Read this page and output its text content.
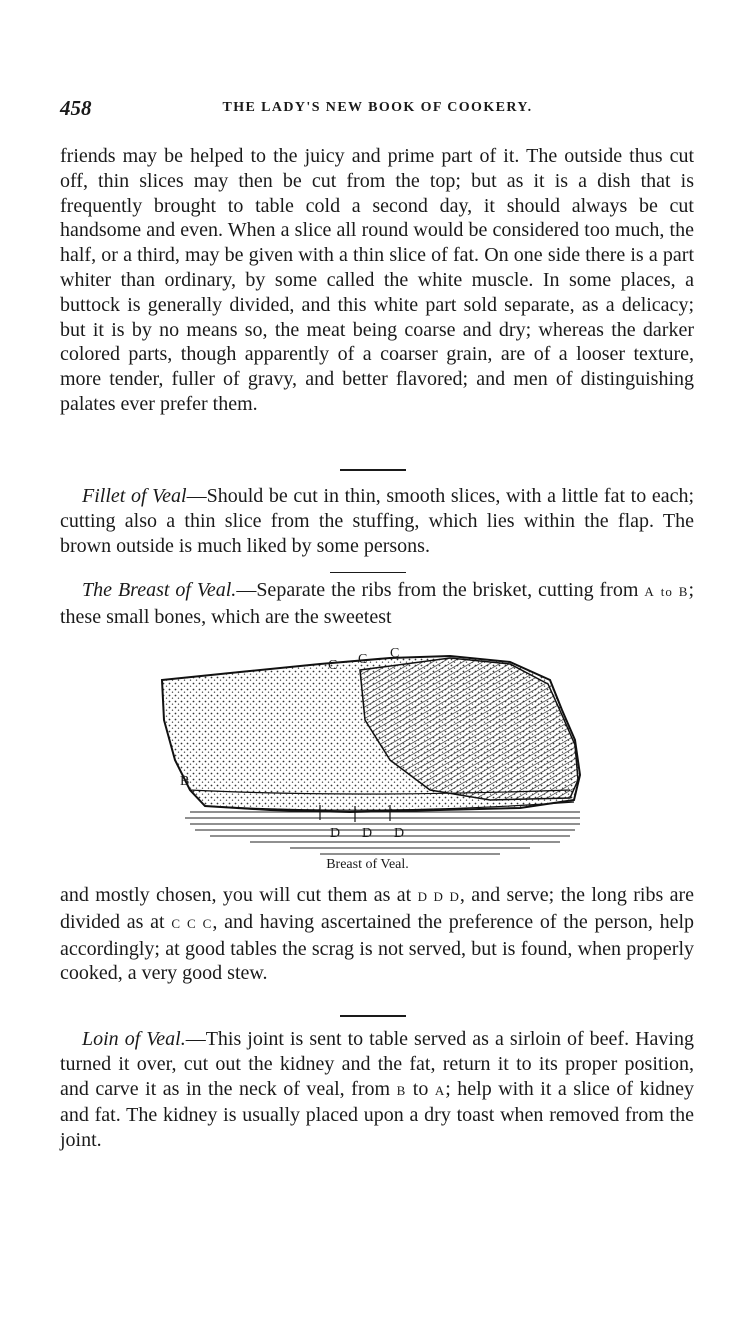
458	THE LADY'S NEW BOOK OF COOKERY.

friends may be helped to the juicy and prime part of it. The outside thus cut off, thin slices may then be cut from the top; but as it is a dish that is frequently brought to table cold a second day, it should always be cut handsome and even. When a slice all round would be considered too much, the half, or a third, may be given with a thin slice of fat. On one side there is a part whiter than ordinary, by some called the white muscle. In some places, a buttock is generally divided, and this white part sold separate, as a delicacy; but it is by no means so, the meat being coarse and dry; whereas the darker colored parts, though apparently of a coarser grain, are of a looser texture, more tender, fuller of gravy, and better flavored; and men of distinguishing palates ever prefer them.

Fillet of Veal—Should be cut in thin, smooth slices, with a little fat to each; cutting also a thin slice from the stuffing, which lies within the flap. The brown outside is much liked by some persons.

The Breast of Veal.—Separate the ribs from the brisket, cutting from A to B; these small bones, which are the sweetest

C C C
B
D D D
Breast of Veal.

and mostly chosen, you will cut them as at D D D, and serve; the long ribs are divided as at C C C, and having ascertained the preference of the person, help accordingly; at good tables the scrag is not served, but is found, when properly cooked, a very good stew.

Loin of Veal.—This joint is sent to table served as a sirloin of beef. Having turned it over, cut out the kidney and the fat, return it to its proper position, and carve it as in the neck of veal, from B to A; help with it a slice of kidney and fat. The kidney is usually placed upon a dry toast when removed from the joint.
